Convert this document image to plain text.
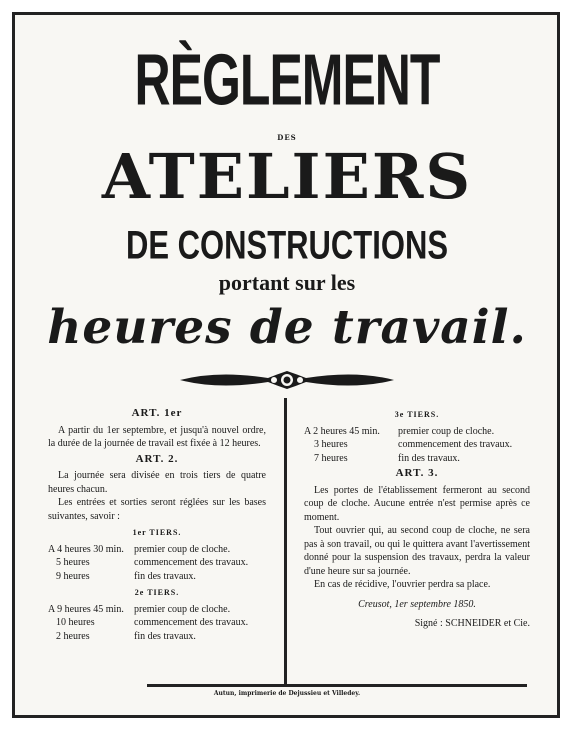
RÈGLEMENT
DES
ATELIERS
DE CONSTRUCTIONS
portant sur les
heures de travail.

ART. 1er

A partir du 1er septembre, et jusqu'à nouvel ordre, la durée de la journée de travail est fixée à 12 heures.

ART. 2.

La journée sera divisée en trois tiers de quatre heures chacun.

Les entrées et sorties seront réglées sur les bases suivantes, savoir :

1er TIERS.

A 4 heures 30 min.	premier coup de cloche.
5 heures	commencement des travaux.
9 heures	fin des travaux.

2e TIERS.

A 9 heures 45 min.	premier coup de cloche.
10 heures	commencement des travaux.
2 heures	fin des travaux.

3e TIERS.

A 2 heures 45 min.	premier coup de cloche.
3 heures	commencement des travaux.
7 heures	fin des travaux.

ART. 3.

Les portes de l'établissement fermeront au second coup de cloche. Aucune entrée n'est permise après ce moment.

Tout ouvrier qui, au second coup de cloche, ne sera pas à son travail, ou qui le quittera avant l'avertissement donné pour la suspension des travaux, perdra la valeur d'une heure sur sa journée.

En cas de récidive, l'ouvrier perdra sa place.

Creusot, 1er septembre 1850.

Signé : SCHNEIDER et Cie.

Autun, imprimerie de Dejussieu et Villedey.
